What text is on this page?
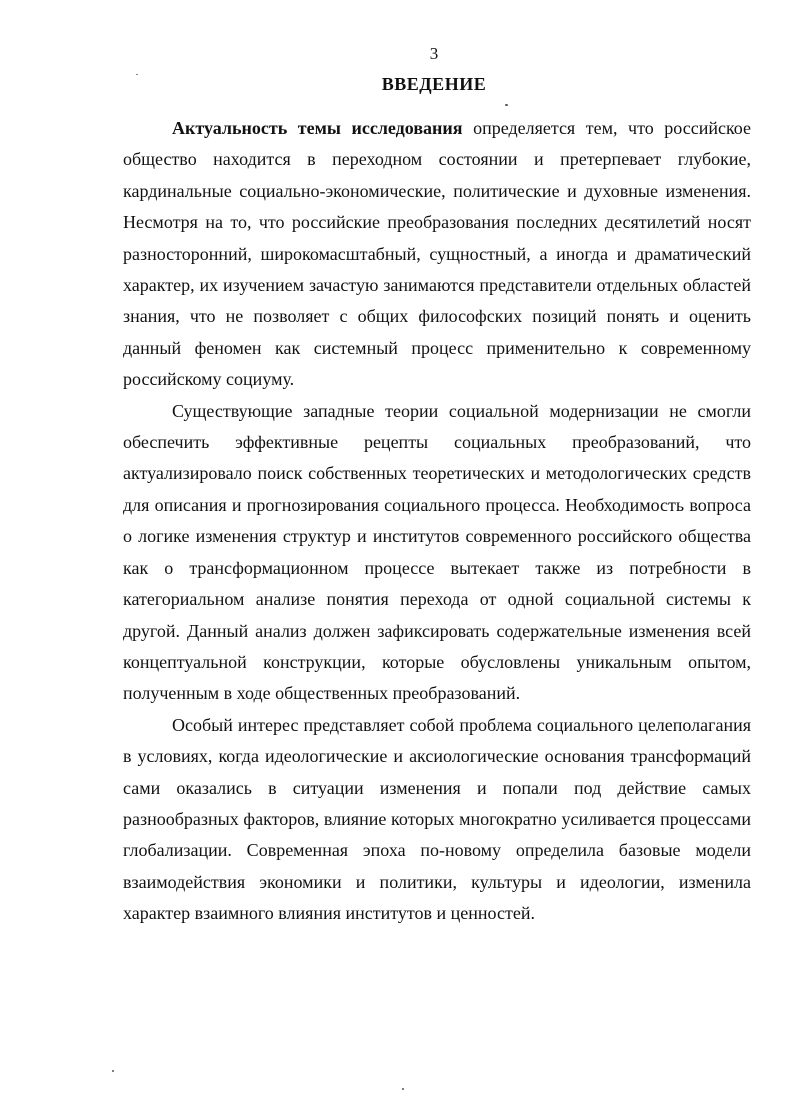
3
ВВЕДЕНИЕ

Актуальность темы исследования определяется тем, что российское общество находится в переходном состоянии и претерпевает глубокие, кардинальные социально-экономические, политические и духовные изменения. Несмотря на то, что российские преобразования последних десятилетий носят разносторонний, широкомасштабный, сущностный, а иногда и драматический характер, их изучением зачастую занимаются представители отдельных областей знания, что не позволяет с общих философских позиций понять и оценить данный феномен как системный процесс применительно к современному российскому социуму.

Существующие западные теории социальной модернизации не смогли обеспечить эффективные рецепты социальных преобразований, что актуализировало поиск собственных теоретических и методологических средств для описания и прогнозирования социального процесса. Необходимость вопроса о логике изменения структур и институтов современного российского общества как о трансформационном процессе вытекает также из потребности в категориальном анализе понятия перехода от одной социальной системы к другой. Данный анализ должен зафиксировать содержательные изменения всей концептуальной конструкции, которые обусловлены уникальным опытом, полученным в ходе общественных преобразований.

Особый интерес представляет собой проблема социального целеполагания в условиях, когда идеологические и аксиологические основания трансформаций сами оказались в ситуации изменения и попали под действие самых разнообразных факторов, влияние которых многократно усиливается процессами глобализации. Современная эпоха по-новому определила базовые модели взаимодействия экономики и политики, культуры и идеологии, изменила характер взаимного влияния институтов и ценностей.
